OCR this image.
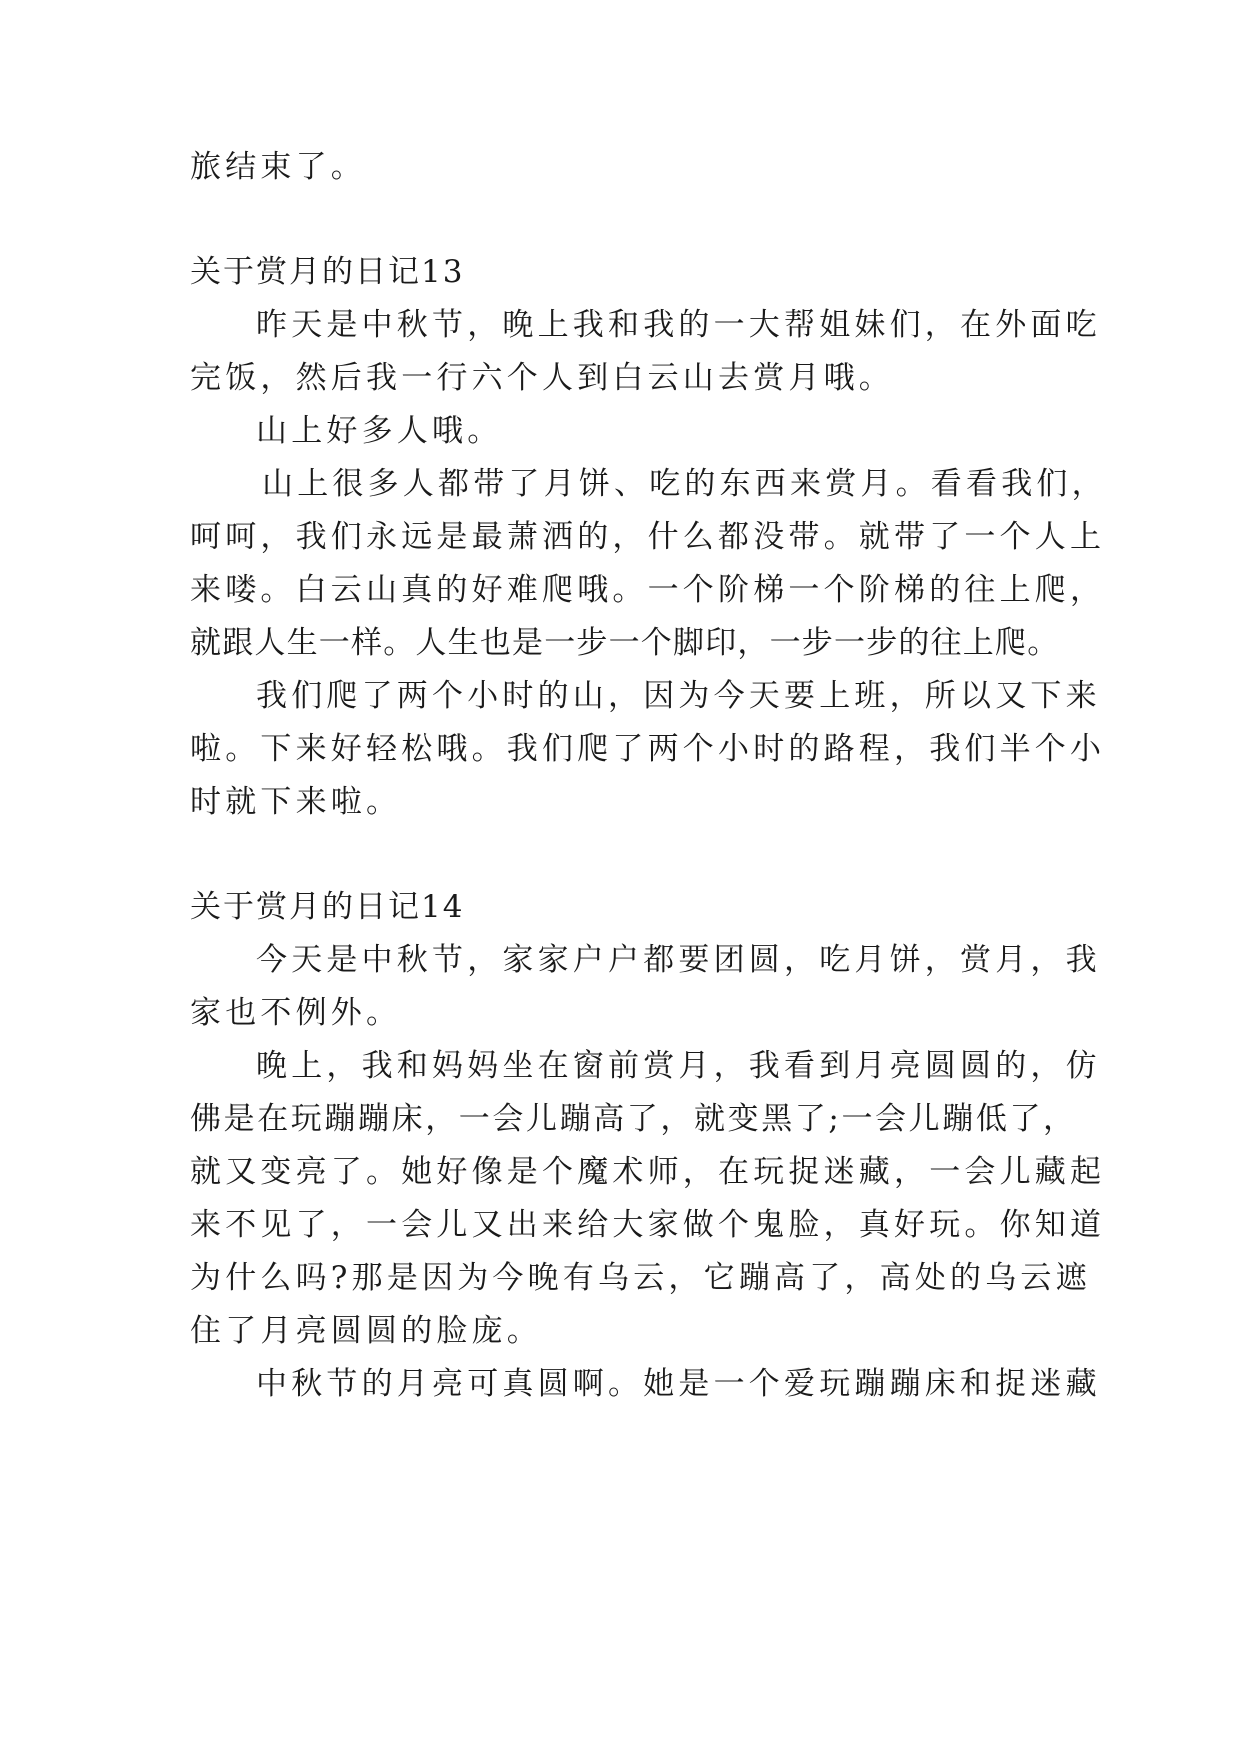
旅结束了。
关于赏月的日记13
昨天是中秋节，晚上我和我的一大帮姐妹们，在外面吃
完饭，然后我一行六个人到白云山去赏月哦。
山上好多人哦。
山上很多人都带了月饼、吃的东西来赏月。看看我们，
呵呵，我们永远是最萧洒的，什么都没带。就带了一个人上
来喽。白云山真的好难爬哦。一个阶梯一个阶梯的往上爬，
就跟人生一样。人生也是一步一个脚印，一步一步的往上爬。
我们爬了两个小时的山，因为今天要上班，所以又下来
啦。下来好轻松哦。我们爬了两个小时的路程，我们半个小
时就下来啦。
关于赏月的日记14
今天是中秋节，家家户户都要团圆，吃月饼，赏月，我
家也不例外。
晚上，我和妈妈坐在窗前赏月，我看到月亮圆圆的，仿
佛是在玩蹦蹦床，一会儿蹦高了，就变黑了;一会儿蹦低了，
就又变亮了。她好像是个魔术师，在玩捉迷藏，一会儿藏起
来不见了，一会儿又出来给大家做个鬼脸，真好玩。你知道
为什么吗?那是因为今晚有乌云，它蹦高了，高处的乌云遮
住了月亮圆圆的脸庞。
中秋节的月亮可真圆啊。她是一个爱玩蹦蹦床和捉迷藏
